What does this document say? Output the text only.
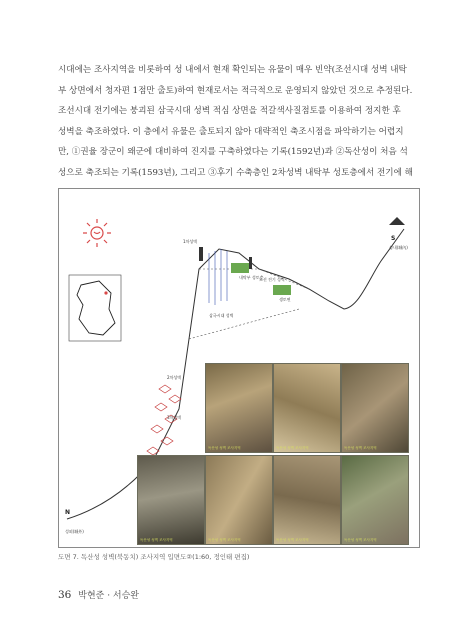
시대에는 조사지역을 비롯하여 성 내에서 현재 확인되는 유물이 매우 빈약(조선시대 성벽 내탁
부 상면에서 청자편 1점만 출토)하여 현재로서는 적극적으로 운영되지 않았던 것으로 추정된다.
조선시대 전기에는 붕괴된 삼국시대 성벽 적심 상면을 적갈색사질점토를 이용하여 정지한 후
성벽을 축조하였다. 이 층에서 유물은 출토되지 않아 대략적인 축조시점을 파악하기는 어렵지
만, ①권율 장군이 왜군에 대비하여 진지를 구축하였다는 기록(1592년)과 ②독산성이 처음 석
성으로 축조되는 기록(1593년), 그리고 ③후기 수축층인 2차성벽 내탁부 성토층에서 전기에 해
S
성내(城內)
N
성외(城外)
1차성벽
2차성벽
3차성벽
조선 전기 성벽
삼국시대 성벽
생토면
내탁부 성토층
독산성 성벽 조사지역	독산성 성벽 조사지역	독산성 성벽 조사지역
독산성 성벽 조사지역	독산성 성벽 조사지역	독산성 성벽 조사지역	독산성 성벽 조사지역
도면 7. 독산성 성벽(북동치) 조사지역 입면도②(1:60, 정인태 편집)
36 박현준 · 서승완
